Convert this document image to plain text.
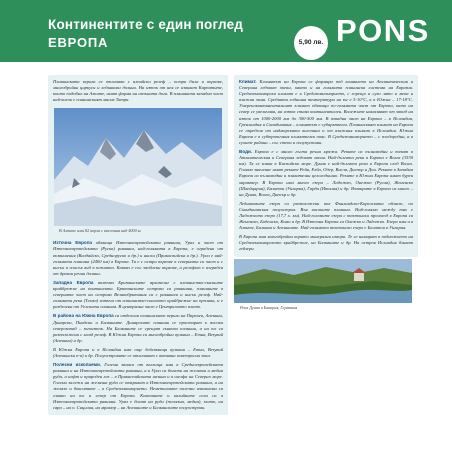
Континентите с един поглед
ЕВРОПА	5,90 лв. PONS

Планинската верига се отличава с алпийски релеф – остри била и върхове, многобройни циркуси и ледникови долини. На изток от нея се извиват Карпатите, които подобно на Алпите, имат форма на изпъната дъга. В планината западно част най-висок е планинският масив Татри.

В Алпите има 82 върха с височина над 4000 м.

Източна Европа обхваща Източноевропейската равнина, Урал и част от Източноевропейската (Руска) равнина, най-голямата в Европа, е оградена от възвишения (Валдайско, Средноруско и др.) и ниски (Прикаспийска и др.). Урал е най-голямата планина (2400 км) в Европа. Тя е с остри върхове в северната си част и с нисък и плосък вид в южната. Кавказ е със заоблени върхове, а релефът е изграден от древни речни долини.

Западна Европа включва Британските архипелаг с алпинистко-скалните крайбрежие на континента. Британските острови са равнинни, планините в северната част на острова Великобритания са с равнинен и нисък релеф. Най-голямата река (Темза) изтича от алпинистко-скалното крайбрежие на пролива, и е разделена от Уелската планина. В централна част е Централното плато.

В района на Южна Европа са отделени планинските вериги на Пиренеи, Апенини, Динарски, Пиндски и Балканите. Динарските планини се простират в посока северозапад – югоизток. На Балканите се срещат гънкови планини, а на юг са разположени с млад релеф. В Южна Европа са многобройни вулкани – Етна, Везувий (Апенини) и др.

В Южна Европа и в Исландия има още действащи вулкани – Етна, Везувий (Апенински п-в) и др. Полуостровите се отличават с активна земетръсна зона.

Полезни изкопаеми. Големи запаси от въглища има в Средноевропейската равнина и на Източноевропейската равнина, а в Урал са богати на желязна и медна руда, а нефт и природен газ – в Прикаспийската низина и в шелфа на Северно море. Големи залежи на желязна руда се откриват в Източноевропейската равнина, а на желязо и бокситите – в Средиземноморието. Неметалните полезни изкопаеми са главно на юг и север от Европа. Каменните и калийните соли са в Източноевропейската равнина. Урал е богат на руди (желязна, медна), злато, на сяра – на о. Сицилия, на мрамор – на Апенините и Балканските полуострови.

Климат. Климатът на Европа се формира под влиянието на Атлантическия и Северния ледовит океан, както и на голямата планинска система на Евразия. Средиземноморски климат е в Средиземноморието, с горещо и сухо лято и мека и влажна зима. Средната годишна температура на юг е 5-10°С, а в Южна – 17-18°С. Умереноконтиненталният климат обхваща по-голямата част от Европа, като на север се увеличава, на изток става континентален. Валежите намаляват от запад на изток от 1000-2000 мм до 300-500 мм. В западна част на Европа – в Исландия, Гренландия и Скандинавия – климатът е субарктичен. Планинският климат на Европа се определя от надморската височина и от влажния климат в Исландия. Южна Европа е в субтропичния климатичен пояс. В Средиземноморието – с плодородни, а в сухите райони – със степи и полупустини.

Води. Европа е с много гъста речна мрежа. Реките са пълноводни и текат в Атлантическия и Северния ледовит океан. Най-дългата река в Европа е Волга (3530 км). Тя се влива в Каспийско море. Дунав е най-дългата река в Европа след Волга. Голямо значение имат реките Рейн, Елба, Одер, Висла, Днепър и Дон. Реките в Западна Европа са пълноводни и плавателни целогодишно. Реките в Южна Европа имат бурен характер. В Европа има много езера – Ладожко, Онежко (Русия), Женевско (Швейцария), Балатон (Унгария), Гарда (Италия) и др. Язовирите в Европа са много – на Дунав, Волга, Днепър и др.

Ледниковите езера са разположени във Финландско-Карелската област, по Скандинавския полуостров. Във високите планини. Най-голямо между тях е Ладожкото езеро (17,7 х. км). Най-големите езера с тектонски произход в Европа са Женевско, Боденско, Комо и др. В Източна Европа са Онежко и Ладожко. Езера има и в Алпите, Балкана и Апенините. Най-голямото тектонско езеро е Балатон в Унгария.

В Европа има многобройни корито минерални извори. Те се намират в подножието на Средиземноморското крайбрежие, на Балканите и др. На остров Исландия бликат гейзери.

Река Дунав в Бавария, Германия
